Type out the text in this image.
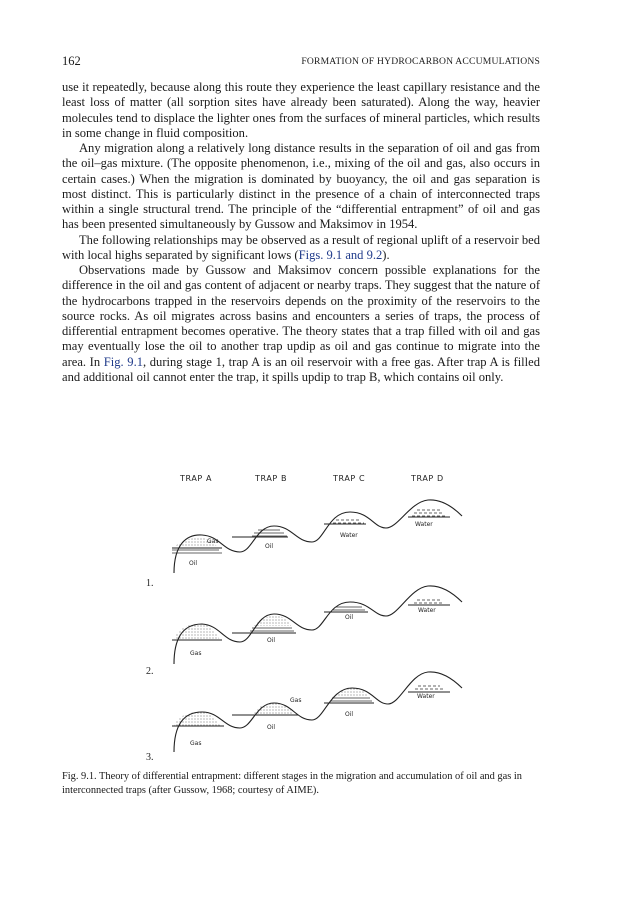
162	FORMATION OF HYDROCARBON ACCUMULATIONS

use it repeatedly, because along this route they experience the least capillary resistance and the least loss of matter (all sorption sites have already been saturated). Along the way, heavier molecules tend to displace the lighter ones from the surfaces of mineral particles, which results in some change in fluid composition.

Any migration along a relatively long distance results in the separation of oil and gas from the oil–gas mixture. (The opposite phenomenon, i.e., mixing of the oil and gas, also occurs in certain cases.) When the migration is dominated by buoyancy, the oil and gas separation is most distinct. This is particularly distinct in the presence of a chain of interconnected traps within a single structural trend. The principle of the “differential entrapment” of oil and gas has been presented simultaneously by Gussow and Maksimov in 1954.

The following relationships may be observed as a result of regional uplift of a reservoir bed with local highs separated by significant lows (Figs. 9.1 and 9.2).

Observations made by Gussow and Maksimov concern possible explanations for the difference in the oil and gas content of adjacent or nearby traps. They suggest that the nature of the hydrocarbons trapped in the reservoirs depends on the proximity of the reservoirs to the source rocks. As oil migrates across basins and encounters a series of traps, the process of differential entrapment becomes operative. The theory states that a trap filled with oil and gas may eventually lose the oil to another trap updip as oil and gas continue to migrate into the area. In Fig. 9.1, during stage 1, trap A is an oil reservoir with a free gas. After trap A is filled and additional oil cannot enter the trap, it spills updip to trap B, which contains oil only.

TRAP A	TRAP B	TRAP C	TRAP D
Gas
Oil
Oil
Water
Water
1.
Gas
Oil
Oil
Water
2.
Gas
Gas
Oil
Oil
Water
3.
Fig. 9.1. Theory of differential entrapment: different stages in the migration and accumulation of oil and gas in interconnected traps (after Gussow, 1968; courtesy of AIME).
